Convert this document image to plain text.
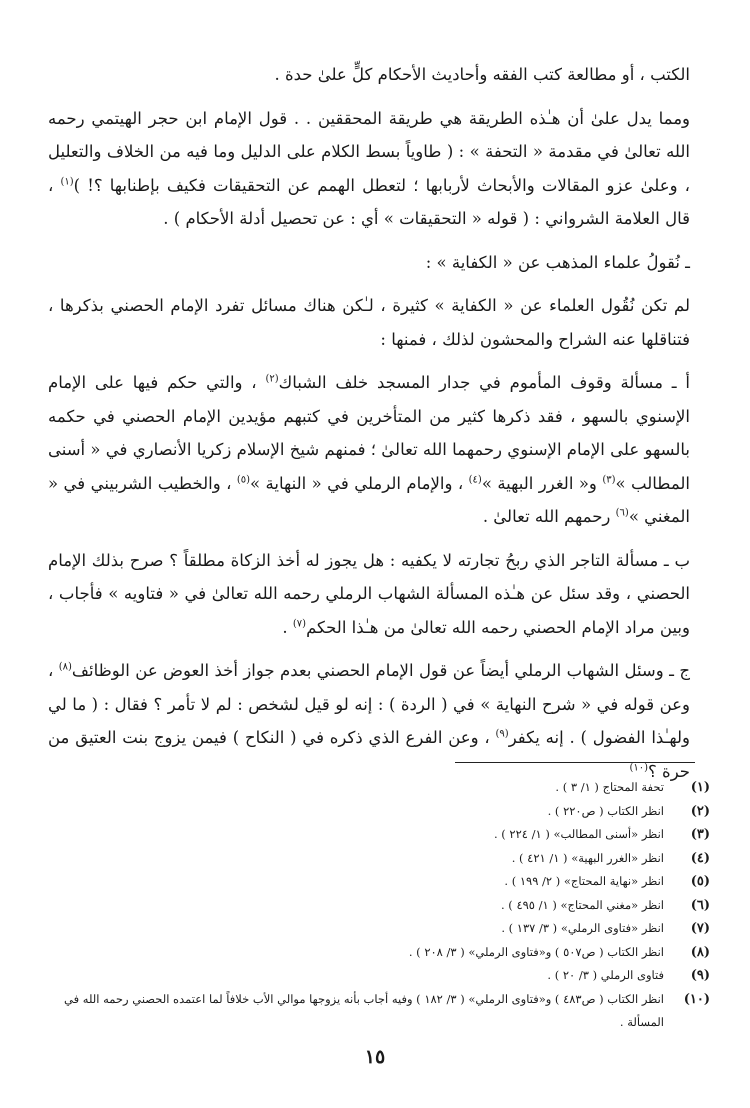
الكتب ، أو مطالعة كتب الفقه وأحاديث الأحكام كلٍّ علىٰ حدة .

ومما يدل علىٰ أن هـٰذه الطريقة هي طريقة المحققين . . قول الإمام ابن حجر الهيتمي رحمه الله تعالىٰ في مقدمة « التحفة » : ( طاوياً بسط الكلام على الدليل وما فيه من الخلاف والتعليل ، وعلىٰ عزو المقالات والأبحاث لأربابها ؛ لتعطل الهمم عن التحقيقات فكيف بإطنابها ؟! )$^{(١)}$ ، قال العلامة الشرواني : ( قوله « التحقيقات » أي : عن تحصيل أدلة الأحكام ) .

ـ نُقولُ علماء المذهب عن « الكفاية » :

لم تكن نُقُول العلماء عن « الكفاية » كثيرة ، لـٰكن هناك مسائل تفرد الإمام الحصني بذكرها ، فتناقلها عنه الشراح والمحشون لذلك ، فمنها :

أ ـ مسألة وقوف المأموم في جدار المسجد خلف الشباك$^{(٢)}$ ، والتي حكم فيها على الإمام الإسنوي بالسهو ، فقد ذكرها كثير من المتأخرين في كتبهم مؤيدين الإمام الحصني في حكمه بالسهو على الإمام الإسنوي رحمهما الله تعالىٰ ؛ فمنهم شيخ الإسلام زكريا الأنصاري في « أسنى المطالب »$^{(٣)}$ و« الغرر البهية »$^{(٤)}$ ، والإمام الرملي في « النهاية »$^{(٥)}$ ، والخطيب الشربيني في « المغني »$^{(٦)}$ رحمهم الله تعالىٰ .

ب ـ مسألة التاجر الذي ربحُ تجارته لا يكفيه : هل يجوز له أخذ الزكاة مطلقاً ؟ صرح بذلك الإمام الحصني ، وقد سئل عن هـٰذه المسألة الشهاب الرملي رحمه الله تعالىٰ في « فتاويه » فأجاب ، وبين مراد الإمام الحصني رحمه الله تعالىٰ من هـٰذا الحكم$^{(٧)}$ .

ج ـ وسئل الشهاب الرملي أيضاً عن قول الإمام الحصني بعدم جواز أخذ العوض عن الوظائف$^{(٨)}$ ، وعن قوله في « شرح النهاية » في ( الردة ) : إنه لو قيل لشخص : لم لا تأمر ؟ فقال : ( ما لي ولهـٰذا الفضول ) . إنه يكفر$^{(٩)}$ ، وعن الفرع الذي ذكره في ( النكاح ) فيمن يزوج بنت العتيق من حرة ؟$^{(١٠)}$

(١)
تحفة المحتاج ( ١/ ٣ ) .
(٢)
انظر الكتاب ( ص٢٢٠ ) .
(٣)
انظر «أسنى المطالب» ( ١/ ٢٢٤ ) .
(٤)
انظر «الغرر البهية» ( ١/ ٤٢١ ) .
(٥)
انظر «نهاية المحتاج» ( ٢/ ١٩٩ ) .
(٦)
انظر «مغني المحتاج» ( ١/ ٤٩٥ ) .
(٧)
انظر «فتاوى الرملي» ( ٣/ ١٣٧ ) .
(٨)
انظر الكتاب ( ص٥٠٧ ) و«فتاوى الرملي» ( ٣/ ٢٠٨ ) .
(٩)
فتاوى الرملي ( ٣/ ٢٠ ) .
(١٠)
انظر الكتاب ( ص٤٨٣ ) و«فتاوى الرملي» ( ٣/ ١٨٢ ) وفيه أجاب بأنه يزوجها موالي الأب خلافاً لما اعتمده الحصني رحمه الله في المسألة .
١٥
